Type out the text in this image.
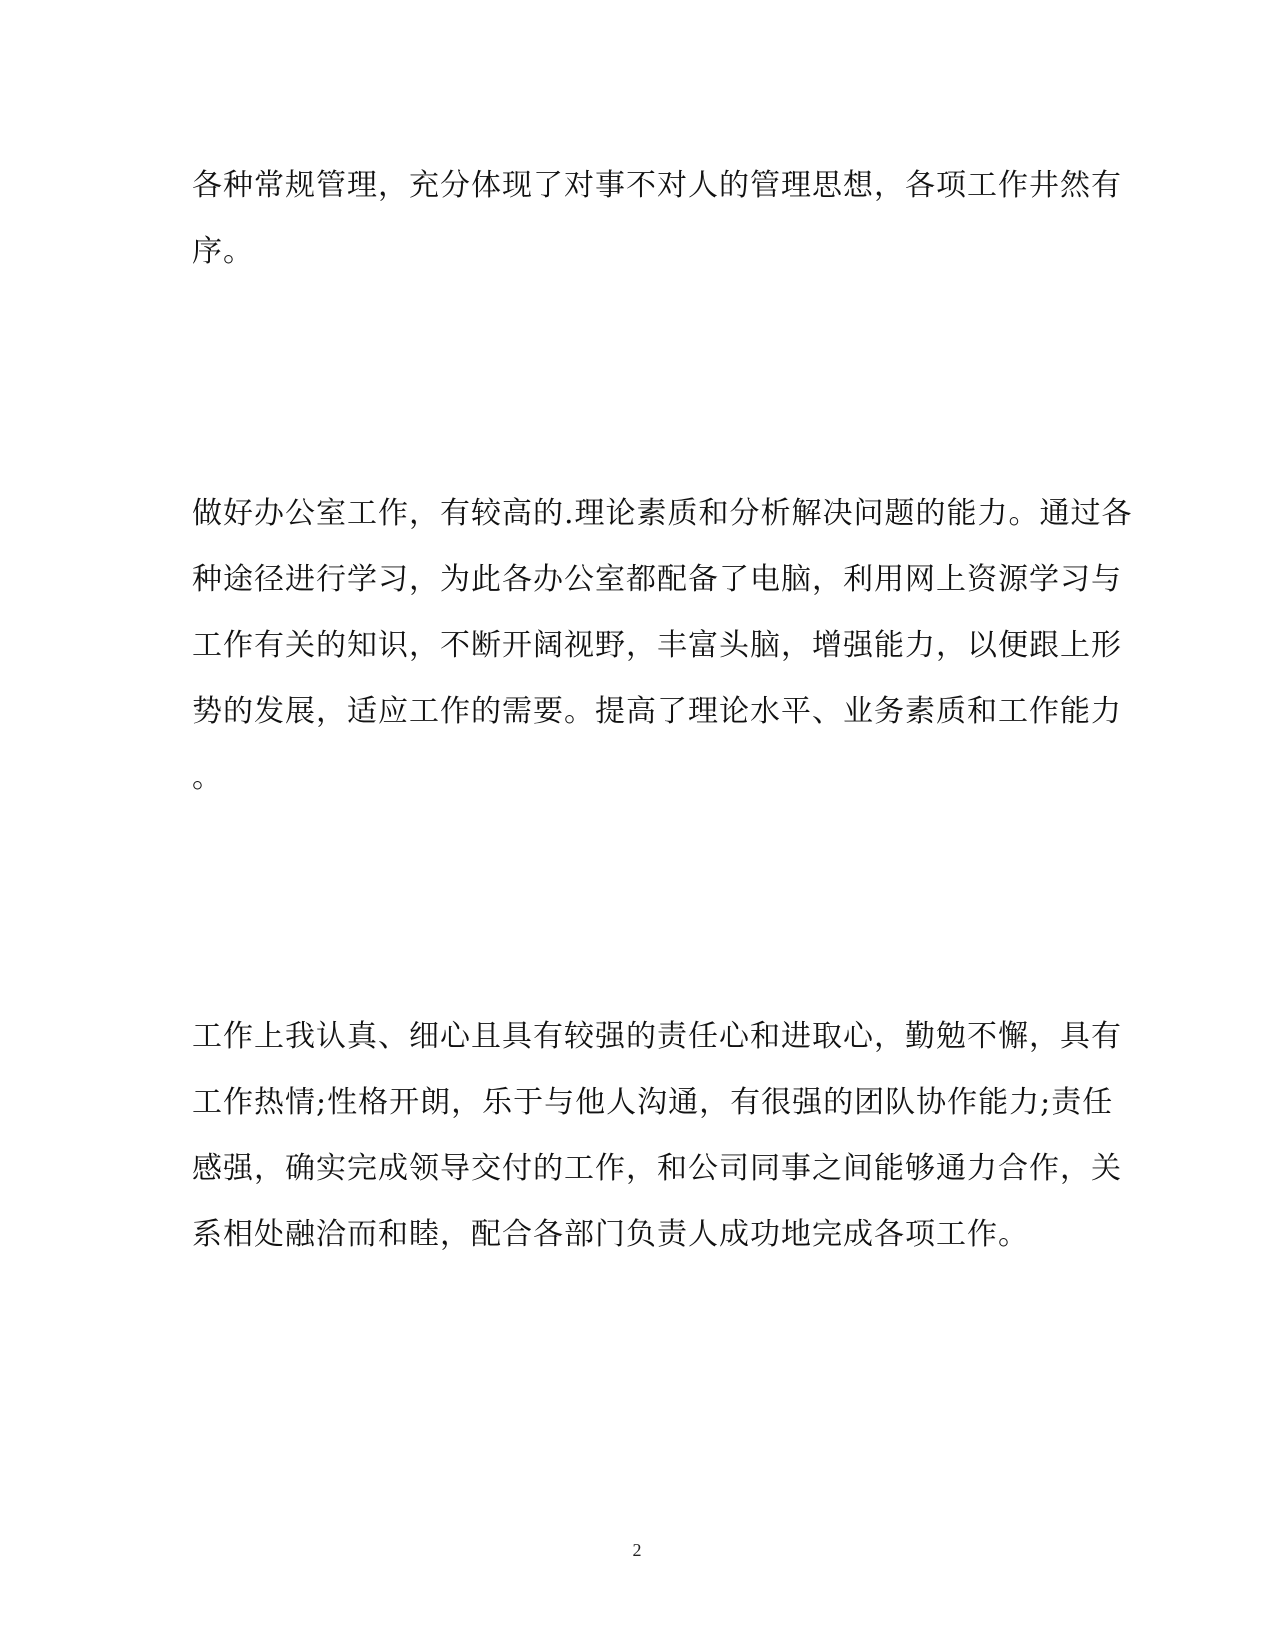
各种常规管理，充分体现了对事不对人的管理思想，各项工作井然有
序。

做好办公室工作，有较高的.理论素质和分析解决问题的能力。通过各
种途径进行学习，为此各办公室都配备了电脑，利用网上资源学习与
工作有关的知识，不断开阔视野，丰富头脑，增强能力，以便跟上形
势的发展，适应工作的需要。提高了理论水平、业务素质和工作能力
。

工作上我认真、细心且具有较强的责任心和进取心，勤勉不懈，具有
工作热情;性格开朗，乐于与他人沟通，有很强的团队协作能力;责任
感强，确实完成领导交付的工作，和公司同事之间能够通力合作，关
系相处融洽而和睦，配合各部门负责人成功地完成各项工作。

2
